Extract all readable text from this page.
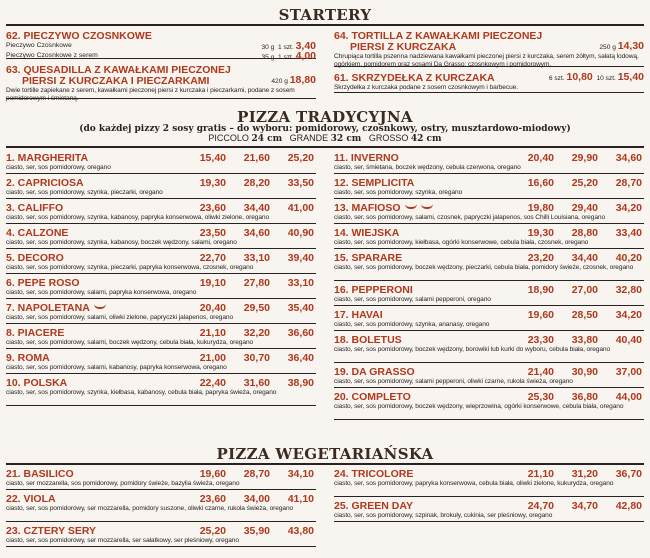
STARTERY
62. PIECZYWO CZOSNKOWE
Pieczywo Czosnkowe	30 g 1 szt. 3,40
Pieczywo Czosnkowe z serem	35 g 1 szt. 4,00
63. QUESADILLA Z KAWAŁKAMI PIECZONEJ
PIERSI Z KURCZAKA I PIECZARKAMI	420 g 18,80
Dwie tortille zapiekane z serem, kawałkami pieczonej piersi z kurczaka i pieczarkami, podane z sosem pomidorowym i śmietaną.
64. TORTILLA Z KAWAŁKAMI PIECZONEJ
PIERSI Z KURCZAKA	250 g 14,30
Chrupiąca tortilla pszenna nadziewana kawałkami pieczonej piersi z kurczaka, serem żółtym, sałatą lodową, ogórkiem, pomidorem oraz sosami Da Grasso: czosnkowym i pomidorowym.
61. SKRZYDEŁKA Z KURCZAKA	6 szt. 10,80 10 szt. 15,40
Skrzydełka z kurczaka podane z sosem czosnkowym i barbecue.
PIZZA TRADYCYJNA
(do każdej pizzy 2 sosy gratis – do wyboru: pomidorowy, czosnkowy, ostry, musztardowo-miodowy)
PICCOLO 24 cm GRANDE 32 cm GROSSO 42 cm
1. MARGHERITA	15,40	21,60	25,20
ciasto, ser, sos pomidorowy, oregano
2. CAPRICIOSA	19,30	28,20	33,50
ciasto, ser, sos pomidorowy, szynka, pieczarki, oregano
3. CALIFFO	23,60	34,40	41,00
ciasto, ser, sos pomidorowy, szynka, kabanosy, papryka konserwowa, oliwki zielone, oregano
4. CALZONE	23,50	34,60	40,90
ciasto, ser, sos pomidorowy, szynka, kabanosy, boczek wędzony, salami, oregano
5. DECORO	22,70	33,10	39,40
ciasto, ser, sos pomidorowy, szynka, pieczarki, papryka konserwowa, czosnek, oregano
6. PEPE ROSO	19,10	27,80	33,10
ciasto, ser, sos pomidorowy, salami, papryka konserwowa, oregano
7. NAPOLETANA	20,40	29,50	35,40
ciasto, ser, sos pomidorowy, salami, oliwki zielone, papryczki jalapenos, oregano
8. PIACERE	21,10	32,20	36,60
ciasto, ser, sos pomidorowy, salami, boczek wędzony, cebula biała, kukurydza, oregano
9. ROMA	21,00	30,70	36,40
ciasto, ser, sos pomidorowy, salami, kabanosy, papryka konserwowa, oregano
10. POLSKA	22,40	31,60	38,90
ciasto, ser, sos pomidorowy, szynka, kiełbasa, kabanosy, cebula biała, papryka świeża, oregano
11. INVERNO	20,40	29,90	34,60
ciasto, ser, śmietana, boczek wędzony, cebula czerwona, oregano
12. SEMPLICITA	16,60	25,20	28,70
ciasto, ser, sos pomidorowy, szynka, oregano
13. MAFIOSO	19,80	29,40	34,20
ciasto, ser, sos pomidorowy, salami, czosnek, papryczki jalapenos, sos Chilli Louisiana, oregano
14. WIEJSKA	19,30	28,80	33,40
ciasto, ser, sos pomidorowy, kiełbasa, ogórki konserwowe, cebula biała, czosnek, oregano
15. SPARARE	23,20	34,40	40,20
ciasto, ser, sos pomidorowy, boczek wędzony, pieczarki, cebula biała, pomidory świeże, czosnek, oregano
16. PEPPERONI	18,90	27,00	32,80
ciasto, ser, sos pomidorowy, salami pepperoni, oregano
17. HAVAI	19,60	28,50	34,20
ciasto, ser, sos pomidorowy, szynka, ananasy, oregano
18. BOLETUS	23,30	33,80	40,40
ciasto, ser, sos pomidorowy, boczek wędzony, borowiki lub kurki do wyboru, cebula biała, oregano
19. DA GRASSO	21,40	30,90	37,00
ciasto, ser, sos pomidorowy, salami pepperoni, oliwki czarne, rukola świeża, oregano
20. COMPLETO	25,30	36,80	44,00
ciasto, ser, sos pomidorowy, boczek wędzony, wieprzowina, ogórki konserwowe, cebula biała, oregano
PIZZA WEGETARIAŃSKA
21. BASILICO	19,60	28,70	34,10
ciasto, ser mozzarella, sos pomidorowy, pomidory świeże, bazylia świeża, oregano
22. VIOLA	23,60	34,00	41,10
ciasto, ser, sos pomidorowy, ser mozzarella, pomidory suszone, oliwki czarne, rukola świeża, oregano
23. CZTERY SERY	25,20	35,90	43,80
ciasto, ser, sos pomidorowy, ser mozzarella, ser sałatkowy, ser pleśniowy, oregano
24. TRICOLORE	21,10	31,20	36,70
ciasto, ser, sos pomidorowy, papryka konserwowa, cebula biała, oliwki zielone, kukurydza, oregano
25. GREEN DAY	24,70	34,70	42,80
ciasto, ser, sos pomidorowy, szpinak, brokuły, cukinia, ser pleśniowy, oregano
